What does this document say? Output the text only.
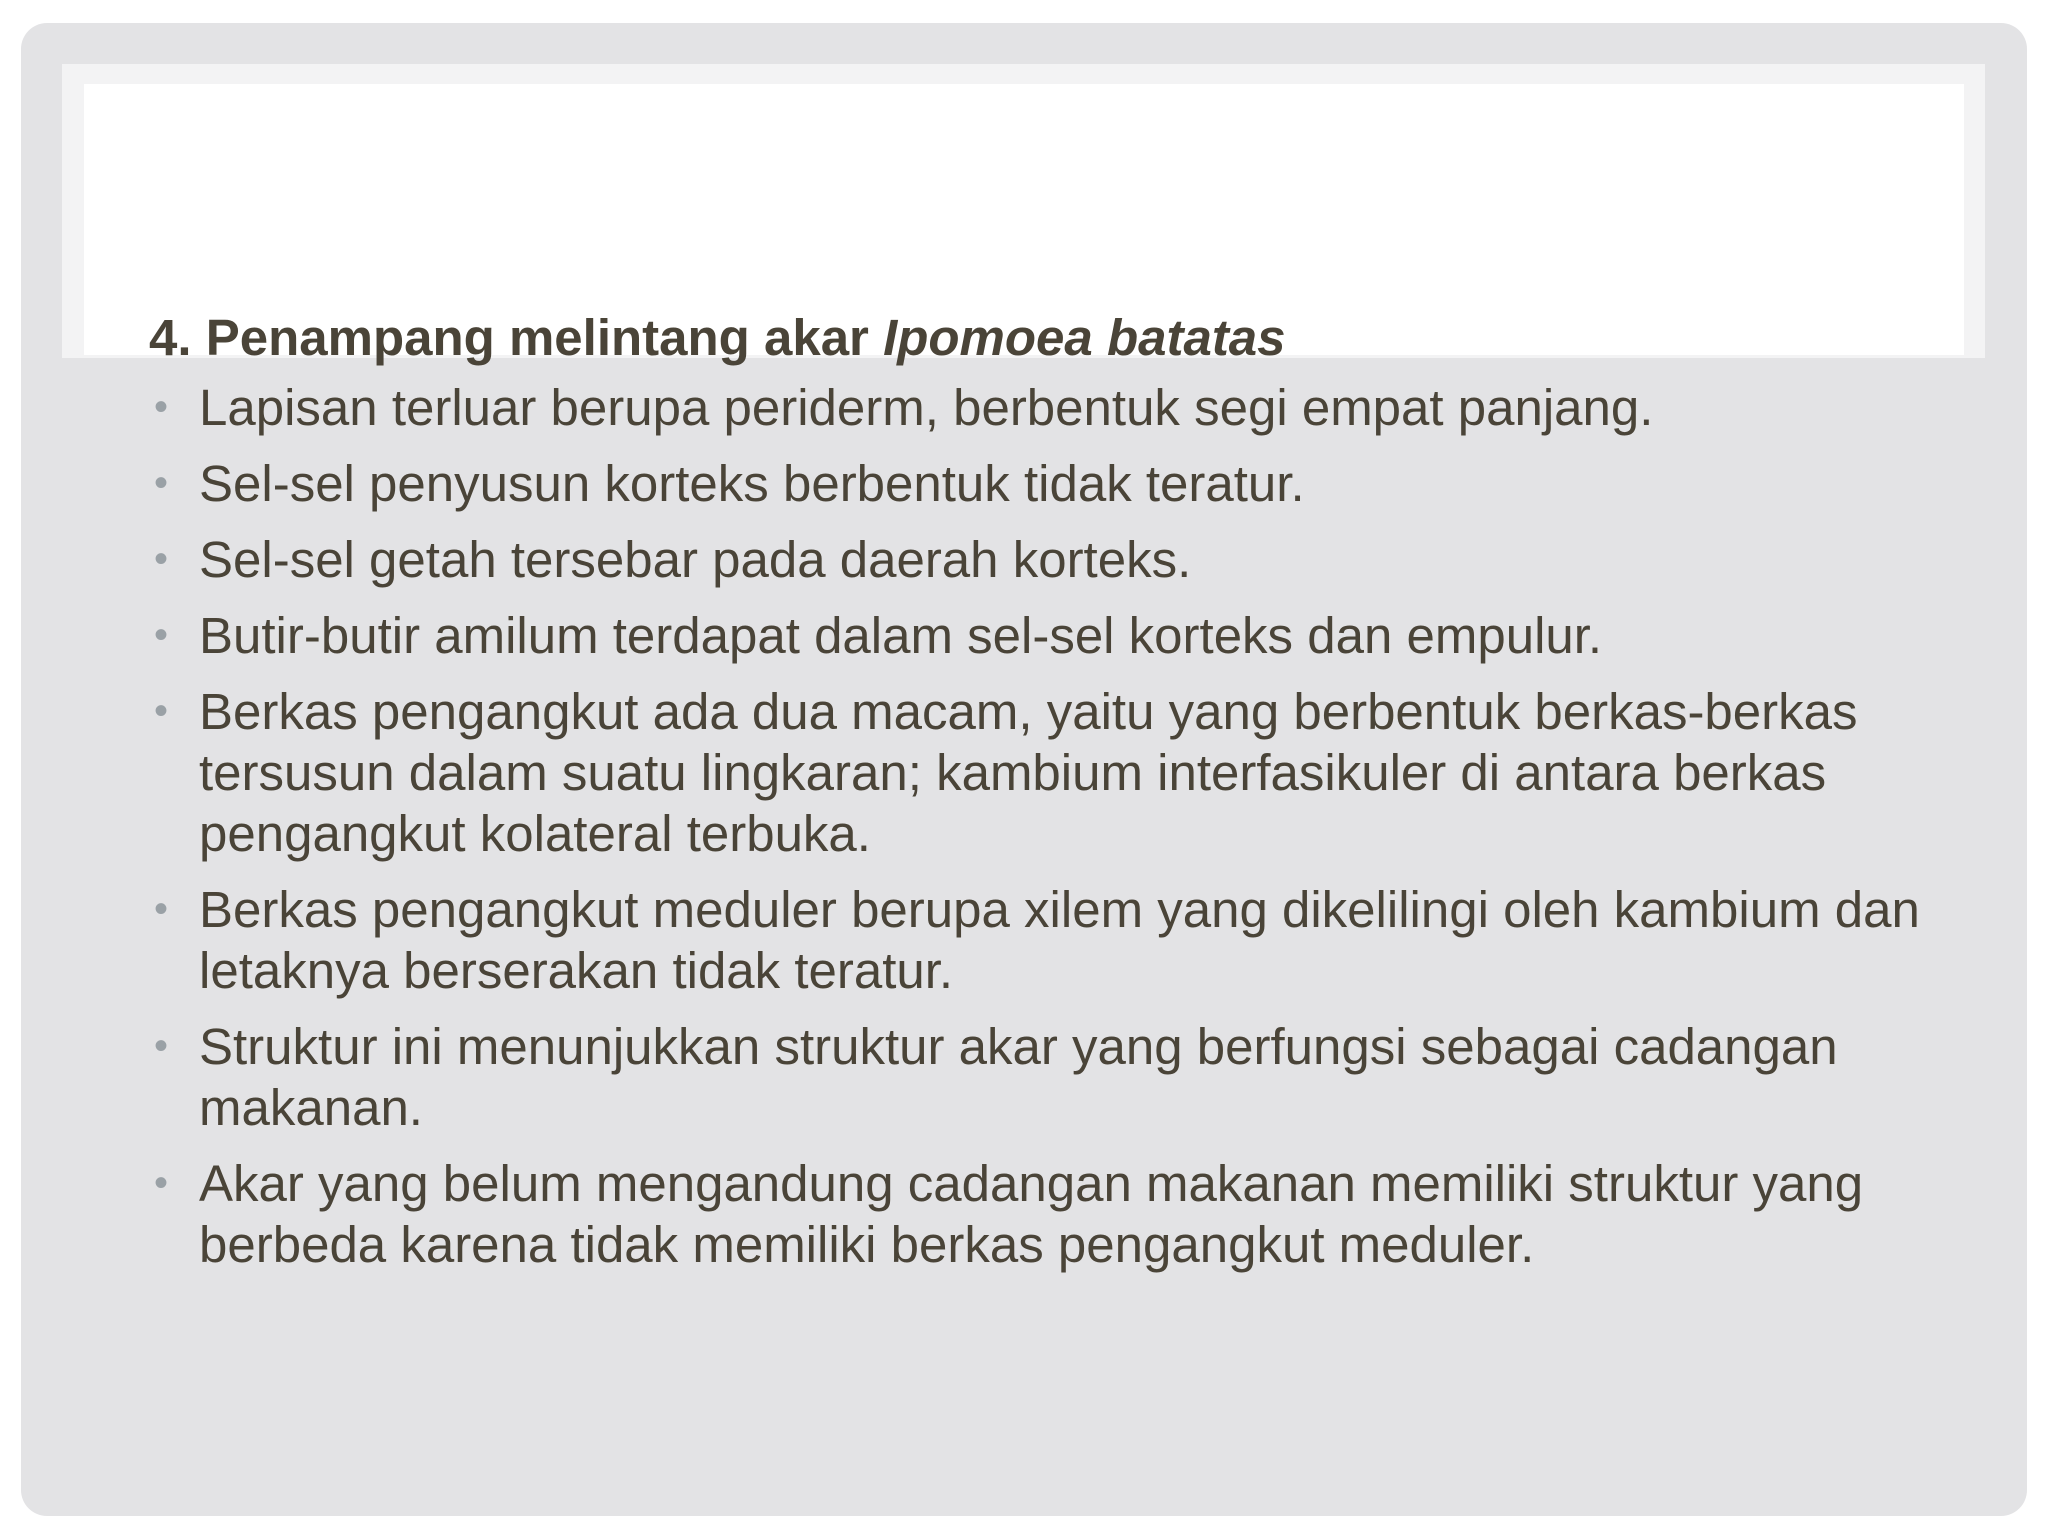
4. Penampang melintang akar Ipomoea batatas
• Lapisan terluar berupa periderm, berbentuk segi empat panjang.
• Sel-sel penyusun korteks berbentuk tidak teratur.
• Sel-sel getah tersebar pada daerah korteks.
• Butir-butir amilum terdapat dalam sel-sel korteks dan empulur.
• Berkas pengangkut ada dua macam, yaitu yang berbentuk berkas-berkas tersusun dalam suatu lingkaran; kambium interfasikuler di antara berkas pengangkut kolateral terbuka.
• Berkas pengangkut meduler berupa xilem yang dikelilingi oleh kambium dan letaknya berserakan tidak teratur.
• Struktur ini menunjukkan struktur akar yang berfungsi sebagai cadangan makanan.
• Akar yang belum mengandung cadangan makanan memiliki struktur yang berbeda karena tidak memiliki berkas pengangkut meduler.
